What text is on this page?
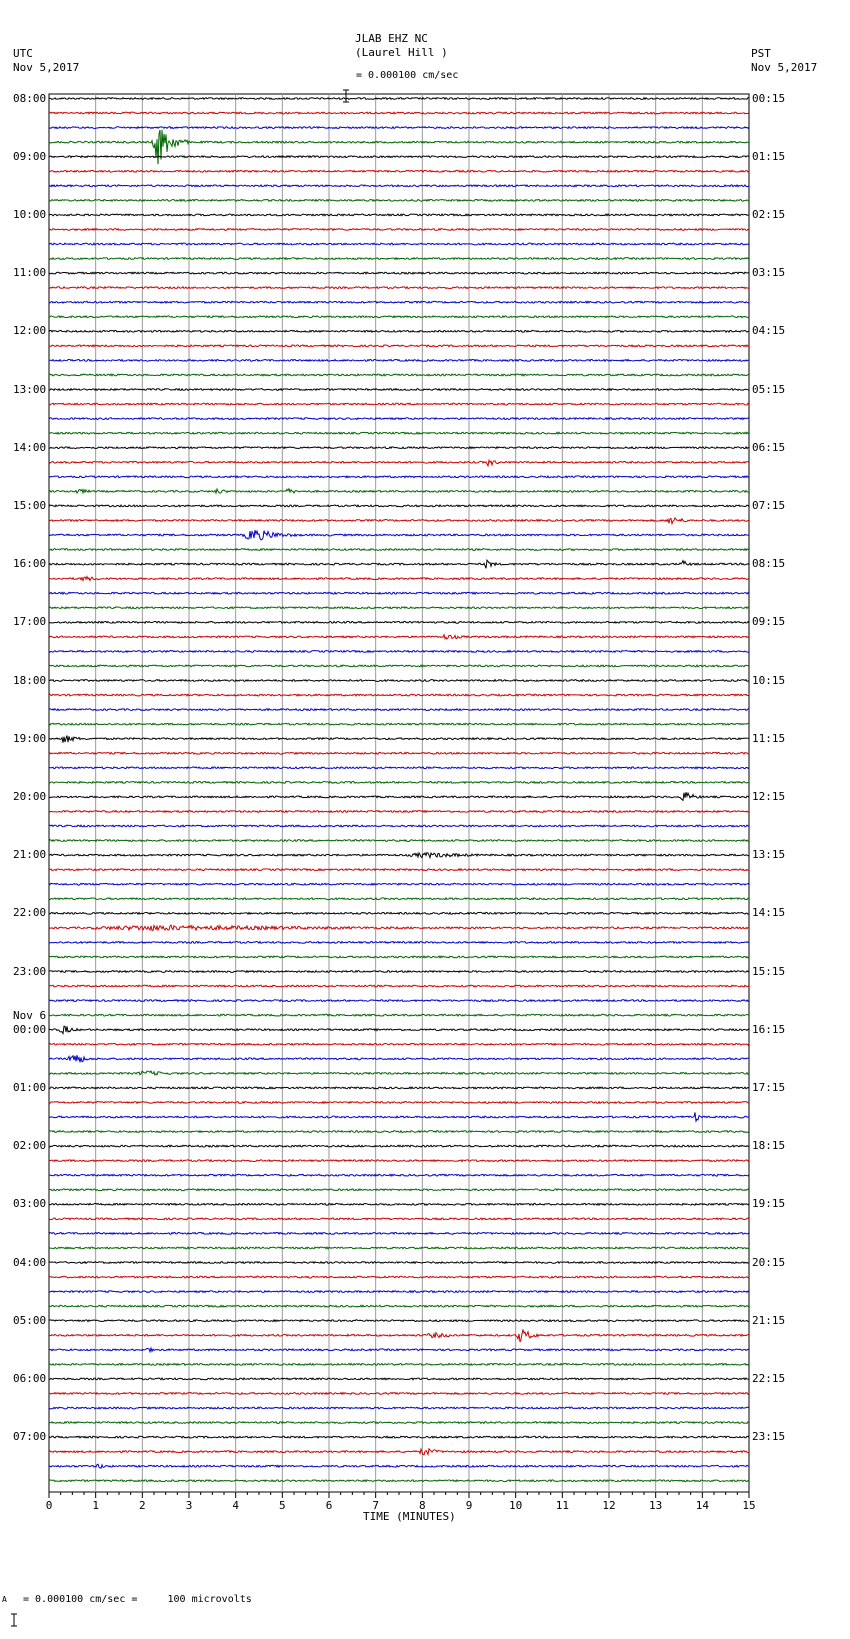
0	1	2	3	4	5	6	7	8	9	10	11	12	13	14	15
JLAB EHZ NC
(Laurel Hill )

= 0.000100 cm/sec
UTC
Nov 5,2017
PST
Nov 5,2017
08:00
09:00
10:00
11:00
12:00
13:00
14:00
15:00
16:00
17:00
18:00
19:00
20:00
21:00
22:00
23:00
00:00
Nov 6
01:00
02:00
03:00
04:00
05:00
06:00
07:00
00:15
01:15
02:15
03:15
04:15
05:15
06:15
07:15
08:15
09:15
10:15
11:15
12:15
13:15
14:15
15:15
16:15
17:15
18:15
19:15
20:15
21:15
22:15
23:15
TIME (MINUTES)
A

= 0.000100 cm/sec =     100 microvolts
